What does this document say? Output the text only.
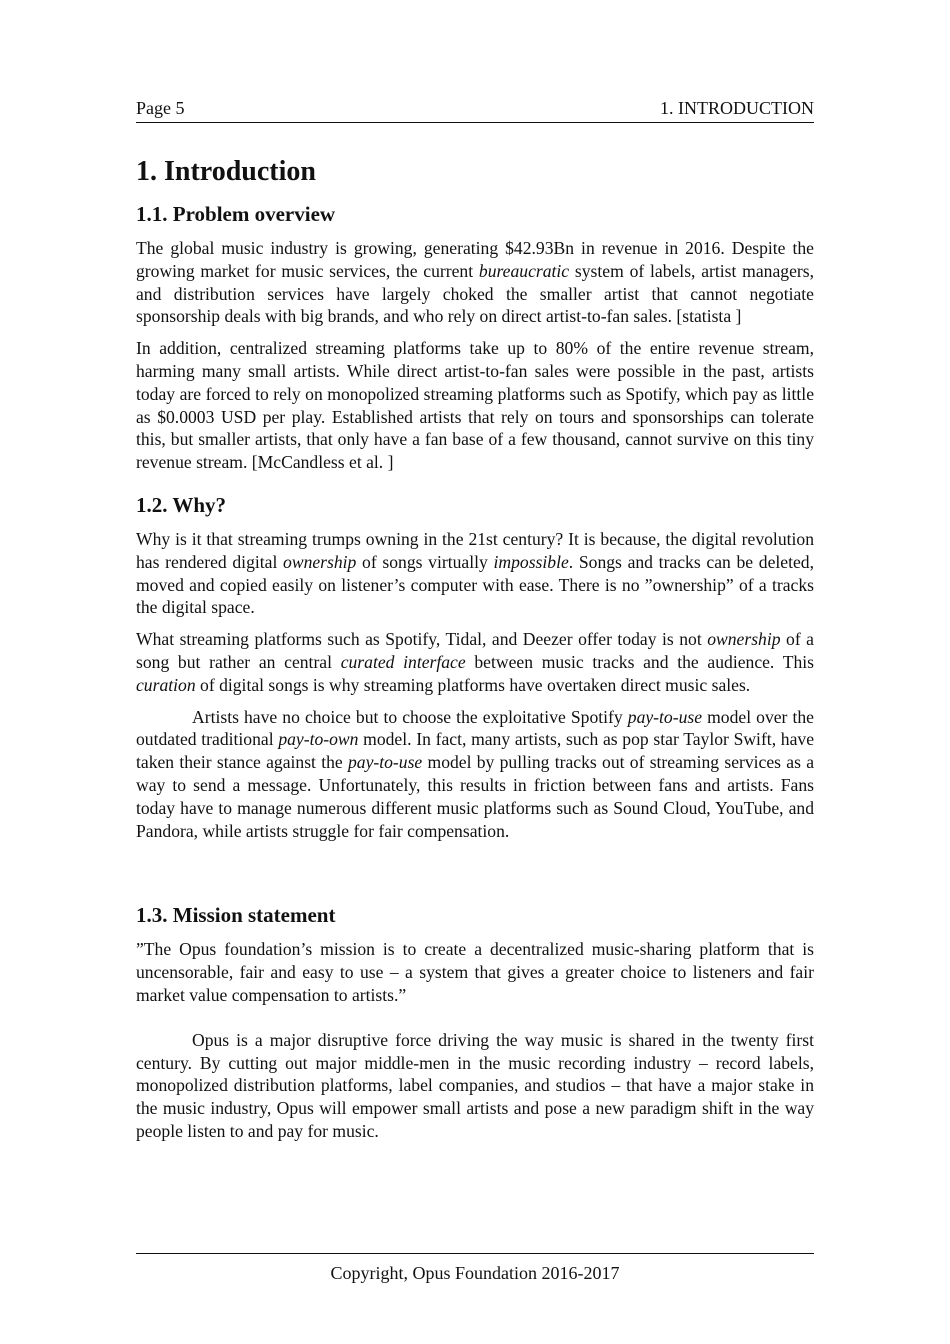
Page 5	1. INTRODUCTION
1. Introduction
1.1. Problem overview

The global music industry is growing, generating $42.93Bn in revenue in 2016. Despite the growing market for music services, the current bureaucratic system of labels, artist managers, and distribution services have largely choked the smaller artist that cannot negotiate sponsorship deals with big brands, and who rely on direct artist-to-fan sales. [statista ]

In addition, centralized streaming platforms take up to 80% of the entire revenue stream, harming many small artists. While direct artist-to-fan sales were possible in the past, artists today are forced to rely on monopolized streaming platforms such as Spotify, which pay as little as $0.0003 USD per play. Established artists that rely on tours and sponsorships can tolerate this, but smaller artists, that only have a fan base of a few thousand, cannot survive on this tiny revenue stream. [McCandless et al. ]

1.2. Why?

Why is it that streaming trumps owning in the 21st century? It is because, the digital revolution has rendered digital ownership of songs virtually impossible. Songs and tracks can be deleted, moved and copied easily on listener’s computer with ease. There is no ”ownership” of a tracks the digital space.

What streaming platforms such as Spotify, Tidal, and Deezer offer today is not ownership of a song but rather an central curated interface between music tracks and the audience. This curation of digital songs is why streaming platforms have overtaken direct music sales.

Artists have no choice but to choose the exploitative Spotify pay-to-use model over the outdated traditional pay-to-own model. In fact, many artists, such as pop star Taylor Swift, have taken their stance against the pay-to-use model by pulling tracks out of streaming services as a way to send a message. Unfortunately, this results in friction between fans and artists. Fans today have to manage numerous different music platforms such as Sound Cloud, YouTube, and Pandora, while artists struggle for fair compensation.

1.3. Mission statement

”The Opus foundation’s mission is to create a decentralized music-sharing platform that is uncensorable, fair and easy to use – a system that gives a greater choice to listeners and fair market value compensation to artists.”

Opus is a major disruptive force driving the way music is shared in the twenty first century. By cutting out major middle-men in the music recording industry – record labels, monopolized distribution platforms, label companies, and studios – that have a major stake in the music industry, Opus will empower small artists and pose a new paradigm shift in the way people listen to and pay for music.

Copyright, Opus Foundation 2016-2017
